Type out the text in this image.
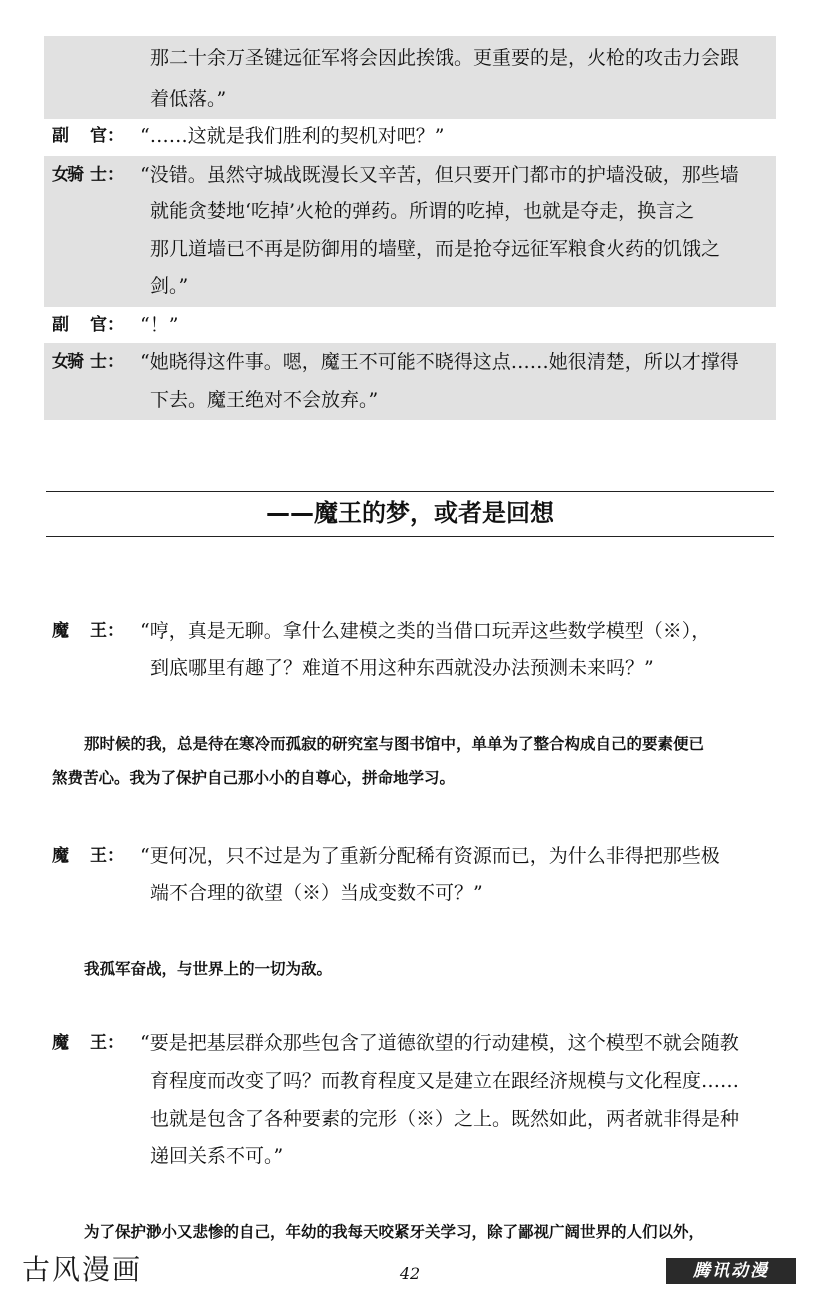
那二十余万圣键远征军将会因此挨饿。更重要的是，火枪的攻击力会跟
着低落。”
副 官： “……这就是我们胜利的契机对吧？”
女
骑 士： “没错。虽然守城战既漫长又辛苦，但只要开门都市的护墙没破，那些墙
就能贪婪地‘吃掉’火枪的弹药。所谓的吃掉，也就是夺走，换言之
那几道墙已不再是防御用的墙壁，而是抢夺远征军粮食火药的饥饿之
剑。”
副 官： “！”
女
骑 士： “她晓得这件事。嗯，魔王不可能不晓得这点……她很清楚，所以才撑得
下去。魔王绝对不会放弃。”
——魔王的梦，或者是回想
魔 王： “哼，真是无聊。拿什么建模之类的当借口玩弄这些数学模型（※），
到底哪里有趣了？难道不用这种东西就没办法预测未来吗？”
那时候的我，总是待在寒冷而孤寂的研究室与图书馆中，单单为了整合构成自己的要素便已
煞费苦心。我为了保护自己那小小的自尊心，拼命地学习。
魔 王： “更何况，只不过是为了重新分配稀有资源而已，为什么非得把那些极
端不合理的欲望（※）当成变数不可？”
我孤军奋战，与世界上的一切为敌。
魔 王： “要是把基层群众那些包含了道德欲望的行动建模，这个模型不就会随教
育程度而改变了吗？而教育程度又是建立在跟经济规模与文化程度……
也就是包含了各种要素的完形（※）之上。既然如此，两者就非得是种
递回关系不可。”
为了保护渺小又悲惨的自己，年幼的我每天咬紧牙关学习，除了鄙视广阔世界的人们以外，
42
古风漫画	腾讯动漫
